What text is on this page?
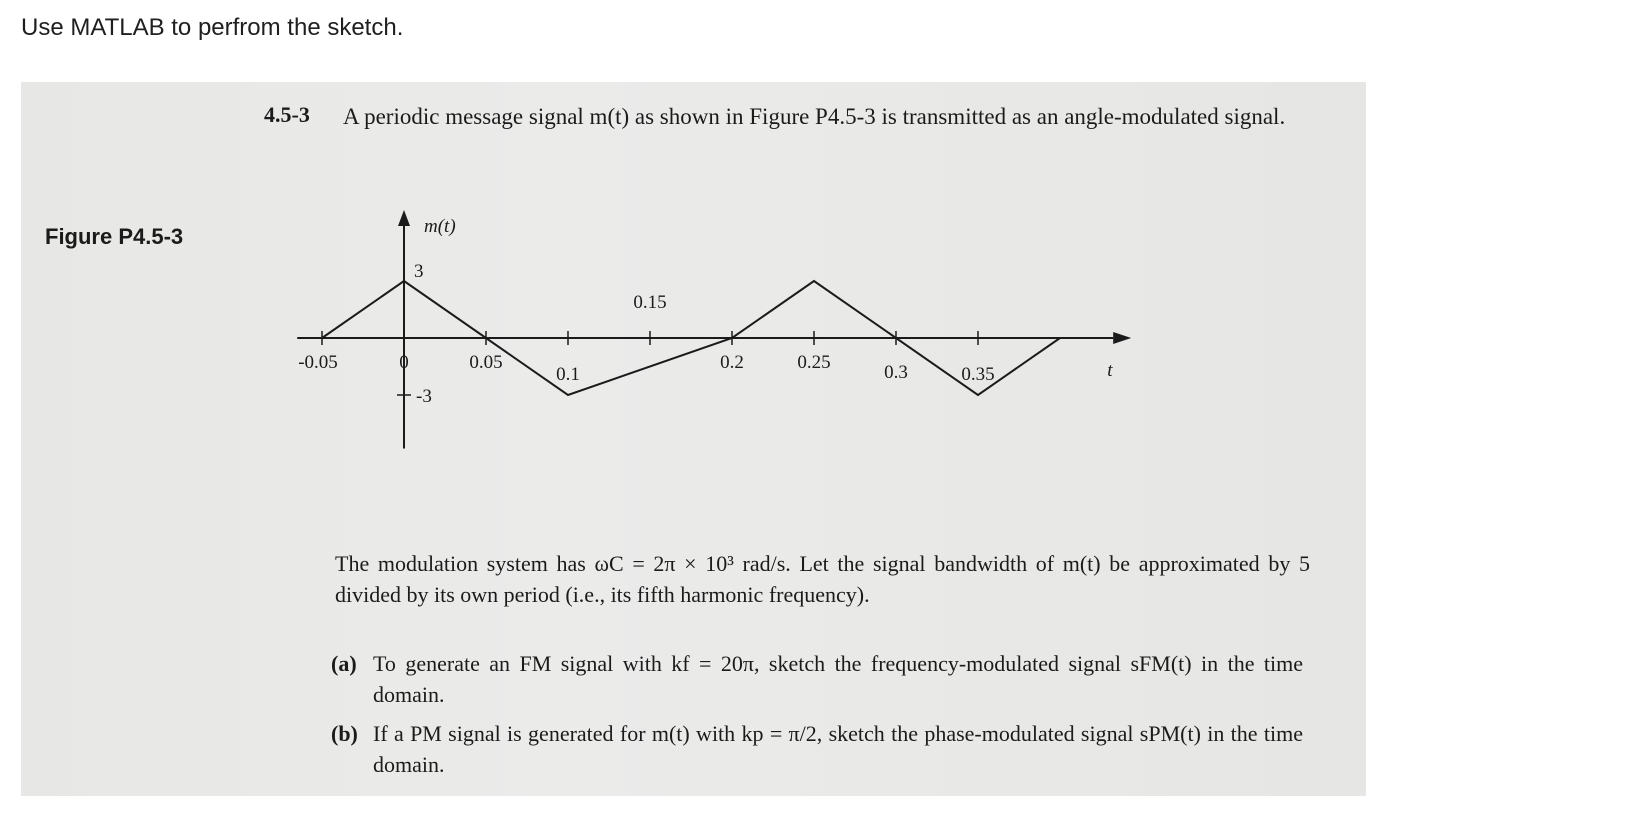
Use MATLAB to perfrom the sketch.
4.5-3 A periodic message signal m(t) as shown in Figure P4.5-3 is transmitted as an angle-modulated signal.
Figure P4.5-3
-0.05	0	0.05
0.1
0.15
0.2	0.25	0.3	0.35
m(t)
t
3
-3
The modulation system has ωC = 2π × 10³ rad/s. Let the signal bandwidth of m(t) be approximated by 5 divided by its own period (i.e., its fifth harmonic frequency).
(a) To generate an FM signal with kf = 20π, sketch the frequency-modulated signal sFM(t) in the time domain.
(b) If a PM signal is generated for m(t) with kp = π/2, sketch the phase-modulated signal sPM(t) in the time domain.
